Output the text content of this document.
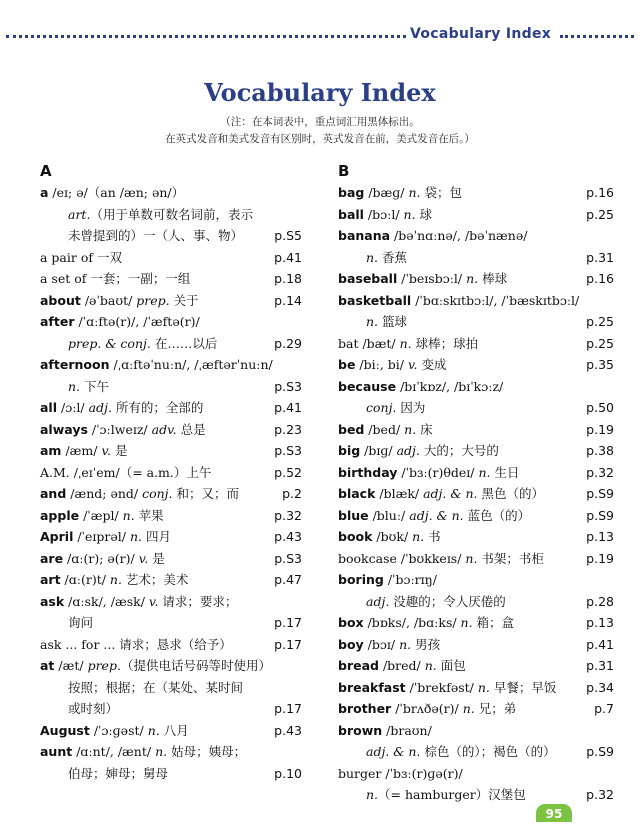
Vocabulary Index
Vocabulary Index
（注：在本词表中，重点词汇用黑体标出。
在英式发音和美式发音有区别时，英式发音在前，美式发音在后。）
A
a /eɪ; ə/（an /æn; ən/）
art.（用于单数可数名词前，表示
未曾提到的）一（人、事、物） p.S5
a pair of 一双	p.41
a set of 一套；一副；一组	p.18
about /əˈbaʊt/ prep. 关于	p.14
after /ˈɑːftə(r)/, /ˈæftə(r)/
prep. & conj. 在……以后	p.29
afternoon /ˌɑːftəˈnuːn/, /ˌæftərˈnuːn/
n. 下午	p.S3
all /ɔːl/ adj. 所有的；全部的	p.41
always /ˈɔːlweɪz/ adv. 总是	p.23
am /æm/ v. 是	p.S3
A.M. /ˌeɪˈem/（= a.m.）上午	p.52
and /ænd; ənd/ conj. 和；又；而	p.2
apple /ˈæpl/ n. 苹果	p.32
April /ˈeɪprəl/ n. 四月	p.43
are /ɑː(r); ə(r)/ v. 是	p.S3
art /ɑː(r)t/ n. 艺术；美术	p.47
ask /ɑːsk/, /æsk/ v. 请求；要求；
询问	p.17
ask ... for ... 请求；恳求（给予）	p.17
at /æt/ prep.（提供电话号码等时使用）
按照；根据；在（某处、某时间
或时刻）	p.17
August /ˈɔːɡəst/ n. 八月	p.43
aunt /ɑːnt/, /ænt/ n. 姑母；姨母；
伯母；婶母；舅母	p.10
B
bag /bæɡ/ n. 袋；包	p.16
ball /bɔːl/ n. 球	p.25
banana /bəˈnɑːnə/, /bəˈnænə/
n. 香蕉	p.31
baseball /ˈbeɪsbɔːl/ n. 棒球	p.16
basketball /ˈbɑːskɪtbɔːl/, /ˈbæskɪtbɔːl/
n. 篮球	p.25
bat /bæt/ n. 球棒；球拍	p.25
be /biː, bi/ v. 变成	p.35
because /bɪˈkɒz/, /bɪˈkɔːz/
conj. 因为	p.50
bed /bed/ n. 床	p.19
big /bɪɡ/ adj. 大的；大号的	p.38
birthday /ˈbɜː(r)θdeɪ/ n. 生日	p.32
black /blæk/ adj. & n. 黑色（的）	p.S9
blue /bluː/ adj. & n. 蓝色（的）	p.S9
book /bʊk/ n. 书	p.13
bookcase /ˈbʊkkeɪs/ n. 书架；书柜	p.19
boring /ˈbɔːrɪŋ/
adj. 没趣的；令人厌倦的	p.28
box /bɒks/, /bɑːks/ n. 箱；盒	p.13
boy /bɔɪ/ n. 男孩	p.41
bread /bred/ n. 面包	p.31
breakfast /ˈbrekfəst/ n. 早餐；早饭 p.34
brother /ˈbrʌðə(r)/ n. 兄；弟	p.7
brown /braʊn/
adj. & n. 棕色（的）；褐色（的） p.S9
burger /ˈbɜː(r)ɡə(r)/
n.（= hamburger）汉堡包	p.32
95
